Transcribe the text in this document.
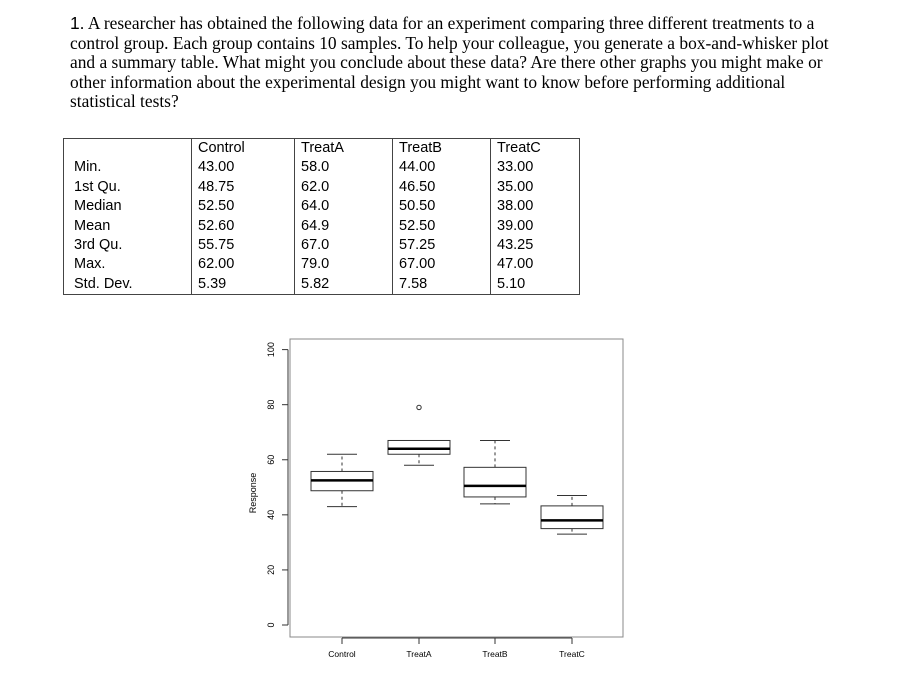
1. A researcher has obtained the following data for an experiment comparing three different treatments to a control group. Each group contains 10 samples. To help your colleague, you generate a box-and-whisker plot and a summary table. What might you conclude about these data? Are there other graphs you might make or other information about the experimental design you might want to know before performing additional statistical tests?

	Control	TreatA	TreatB	TreatC
Min.	43.00	58.0	44.00	33.00
1st Qu.	48.75	62.0	46.50	35.00
Median	52.50	64.0	50.50	38.00
Mean	52.60	64.9	52.50	39.00
3rd Qu.	55.75	67.0	57.25	43.25
Max.	62.00	79.0	67.00	47.00
Std. Dev.	5.39	5.82	7.58	5.10
0
20
40
60
80
100
Control	TreatA	TreatB	TreatC
Response
